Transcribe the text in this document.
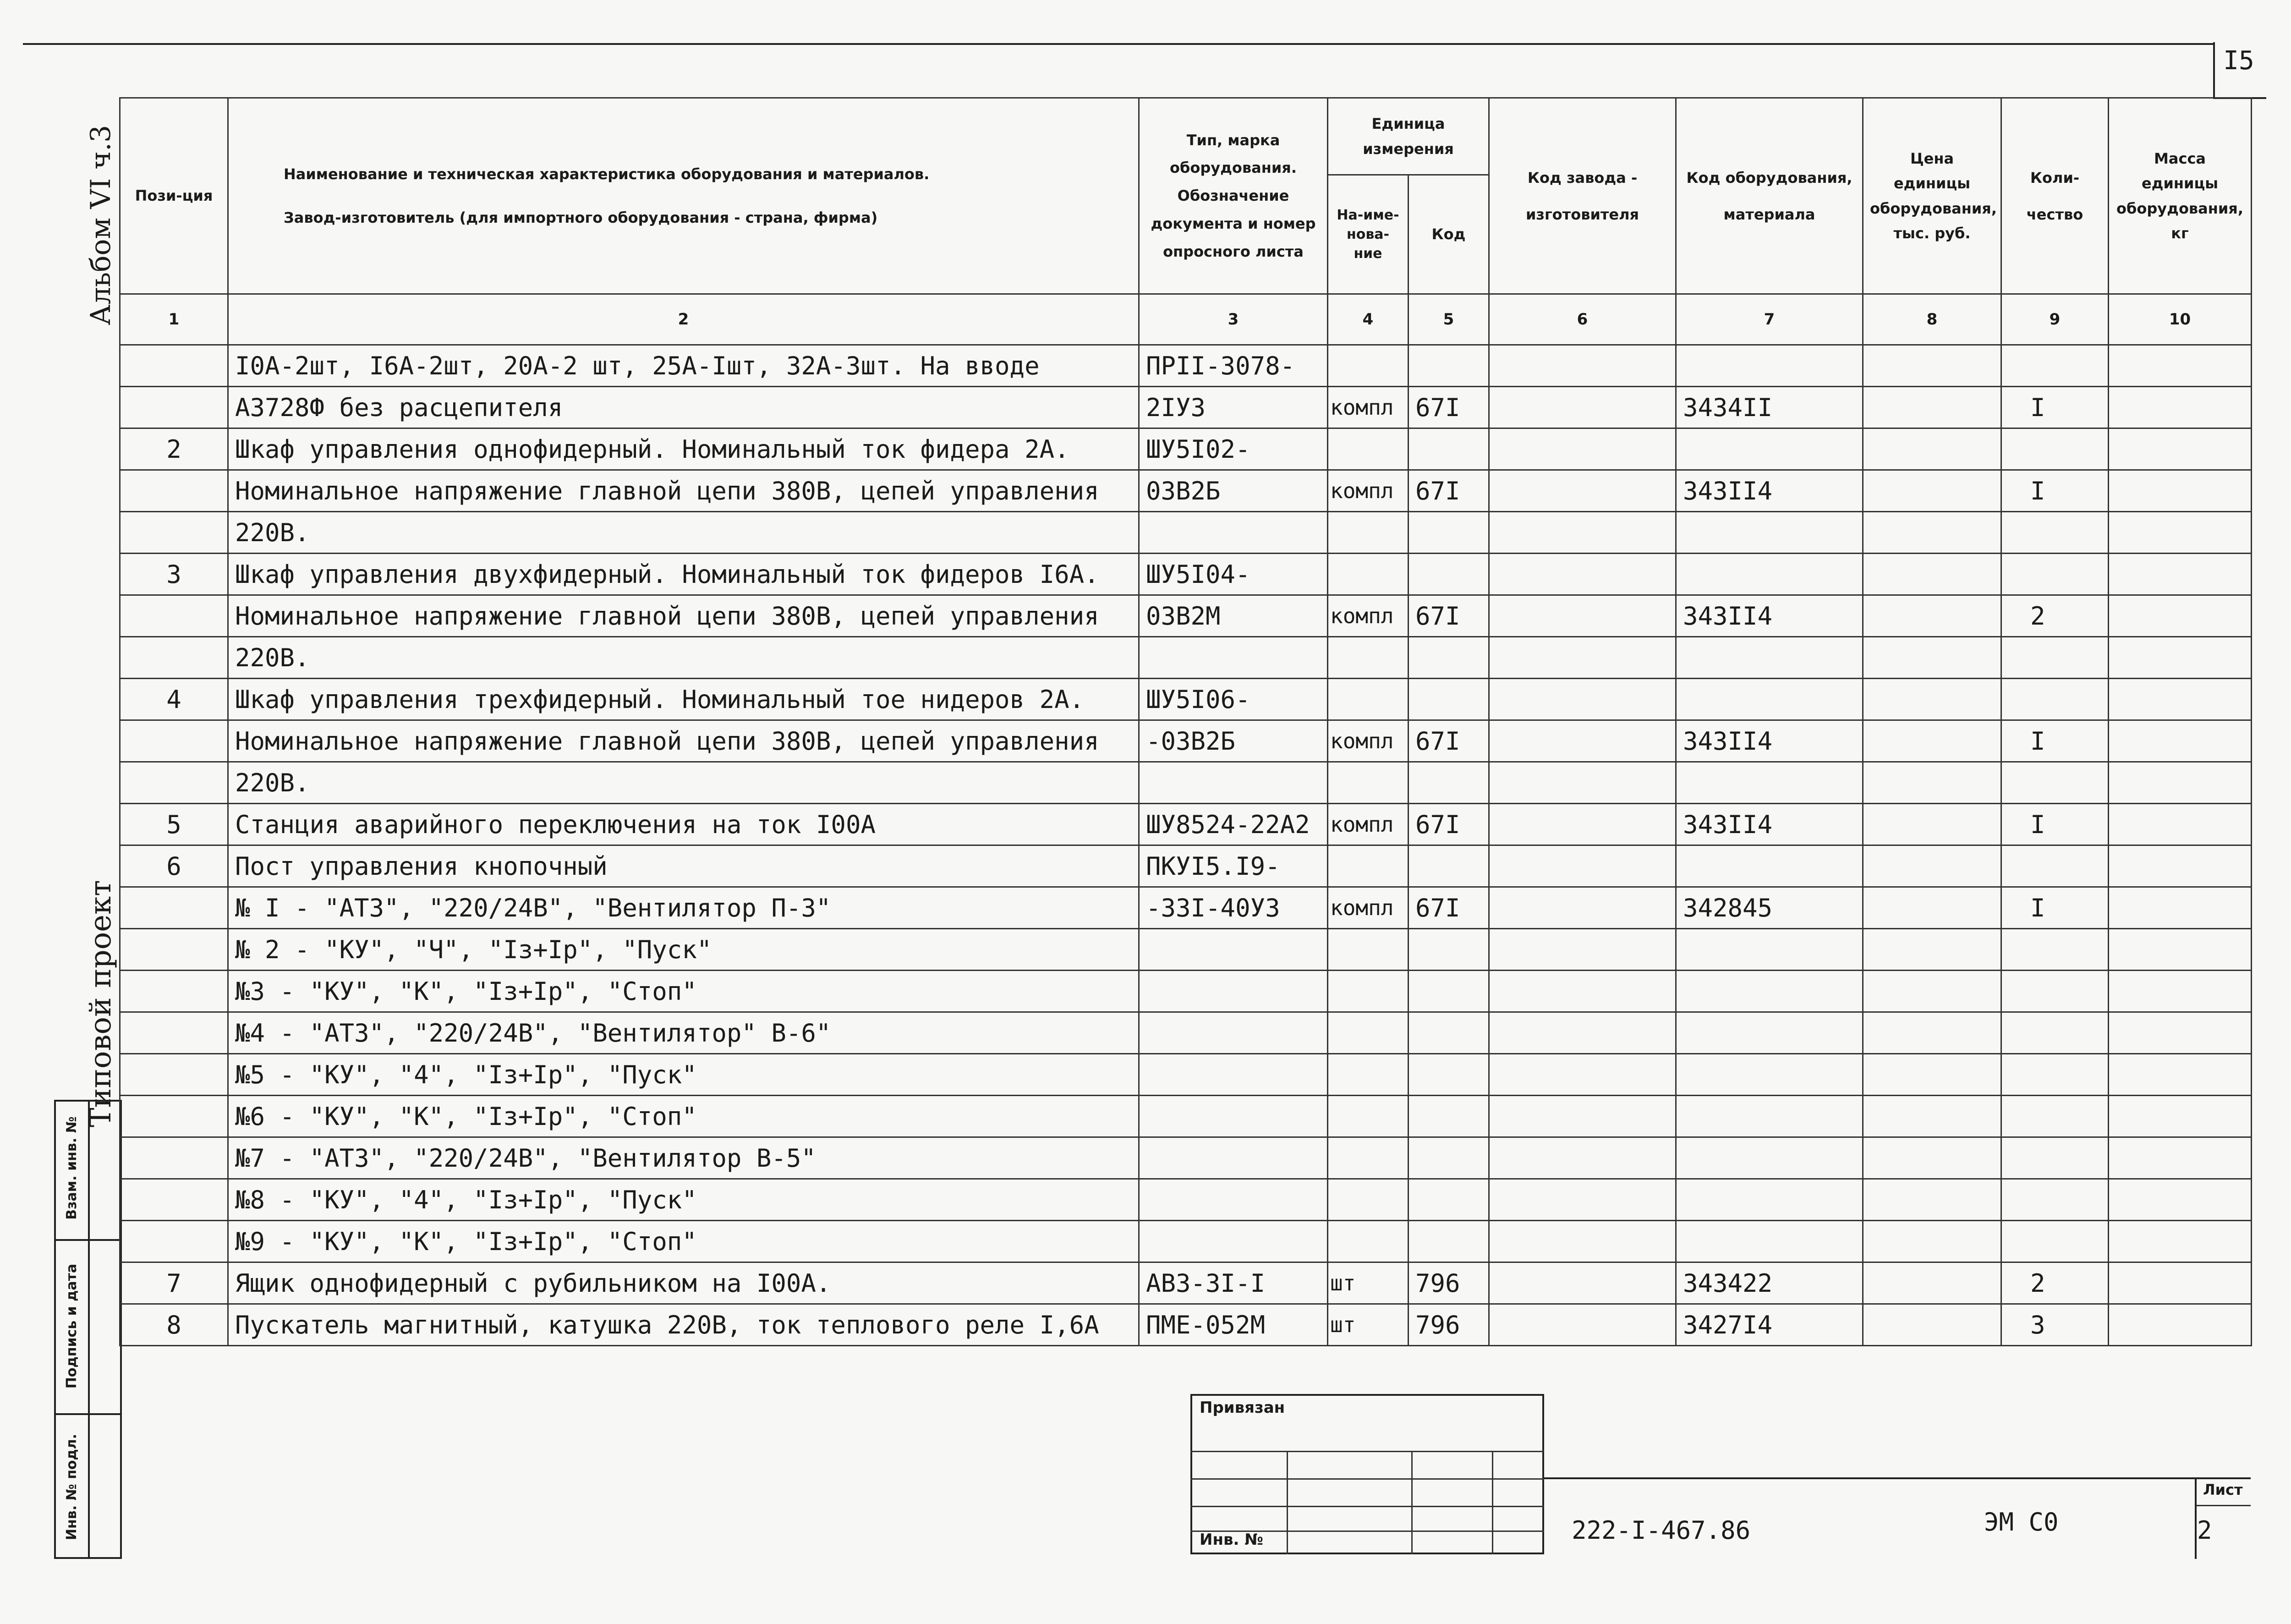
I5
Альбом VI ч.3
Типовой проект
Взам. инв. №
Подпись и дата
Инв. № подл.
Пози-ция	Наименование и техническая характеристика оборудования и материалов.
Завод-изготовитель (для импортного оборудования - страна, фирма)	Тип, марка оборудования. Обозначение документа и номер опросного листа	Единица измерения		Код завода - изготовителя	Код оборудования, материала	Цена единицы оборудования, тыс. руб.	Коли-чество	Масса единицы оборудования, кг
			На-име-нова-ние	Код					
1	2	3	4	5	6	7	8	9	10
	I0А-2шт, I6А-2шт, 20А-2 шт, 25А-Iшт, 32А-3шт. На вводе	ПРII-3078-							
	А3728Ф без расцепителя	2IУ3	компл	67I		3434II		I	
2	Шкаф управления однофидерный. Номинальный ток фидера 2А.	ШУ5I02-							
	Номинальное напряжение главной цепи 380В, цепей управления	03В2Б	компл	67I		343II4		I	
	220В.								
3	Шкаф управления двухфидерный. Номинальный ток фидеров I6А.	ШУ5I04-							
	Номинальное напряжение главной цепи 380В, цепей управления	03В2М	компл	67I		343II4		2	
	220В.								
4	Шкаф управления трехфидерный. Номинальный тое нидеров 2А.	ШУ5I06-							
	Номинальное напряжение главной цепи 380В, цепей управления	-03В2Б	компл	67I		343II4		I	
	220В.								
5	Станция аварийного переключения на ток I00А	ШУ8524-22А2	компл	67I		343II4		I	
6	Пост управления кнопочный	ПКУI5.I9-							
	№ I - "АТЗ", "220/24В", "Вентилятор П-3"	-33I-40У3	компл	67I		342845		I	
	№ 2 - "КУ", "Ч", "Iз+Iр", "Пуск"								
	№3 - "КУ", "К", "Iз+Iр", "Стоп"								
	№4 - "АТЗ", "220/24В", "Вентилятор" В-6"								
	№5 - "КУ", "4", "Iз+Iр", "Пуск"								
	№6 - "КУ", "К", "Iз+Iр", "Стоп"								
	№7 - "АТЗ", "220/24В", "Вентилятор В-5"								
	№8 - "КУ", "4", "Iз+Iр", "Пуск"								
	№9 - "КУ", "К", "Iз+Iр", "Стоп"								
7	Ящик однофидерный с рубильником на I00А.	АВЗ-3I-I	шт	796		343422		2	
8	Пускатель магнитный, катушка 220В, ток теплового реле I,6А	ПМЕ-052М	шт	796		3427I4		3	
Привязан
Инв. №	222-I-467.86	ЭМ С0
Лист
2
